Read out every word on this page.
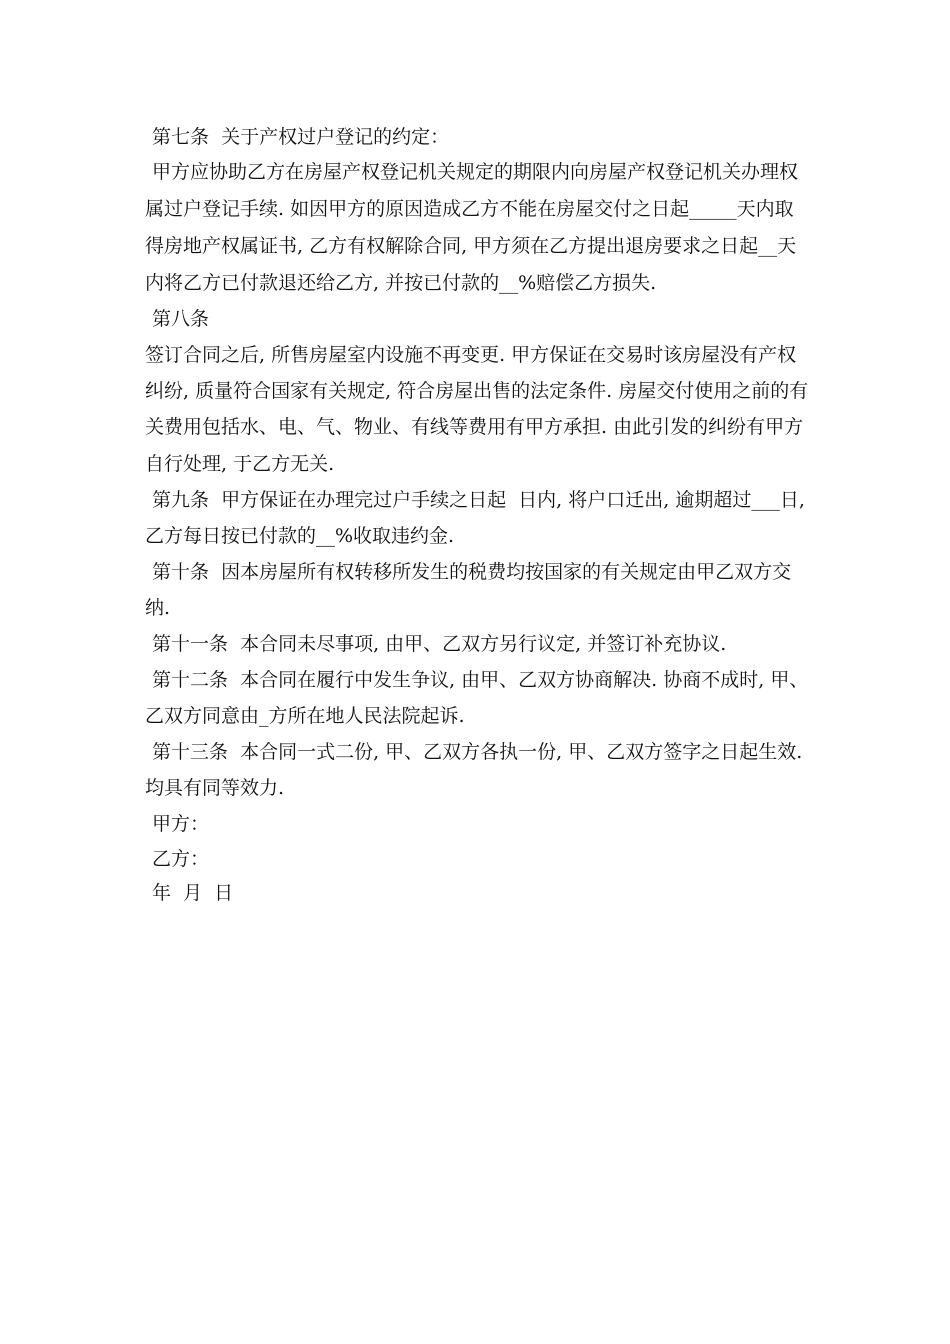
第七条  关于产权过户登记的约定：
甲方应协助乙方在房屋产权登记机关规定的期限内向房屋产权登记机关办理权
属过户登记手续. 如因甲方的原因造成乙方不能在房屋交付之日起_____天内取
得房地产权属证书, 乙方有权解除合同, 甲方须在乙方提出退房要求之日起__天
内将乙方已付款退还给乙方, 并按已付款的__%赔偿乙方损失.
第八条
签订合同之后, 所售房屋室内设施不再变更. 甲方保证在交易时该房屋没有产权
纠纷, 质量符合国家有关规定, 符合房屋出售的法定条件. 房屋交付使用之前的有
关费用包括水、电、气、物业、有线等费用有甲方承担. 由此引发的纠纷有甲方
自行处理, 于乙方无关.
第九条  甲方保证在办理完过户手续之日起  日内, 将户口迁出, 逾期超过___日,
乙方每日按已付款的__%收取违约金.
第十条  因本房屋所有权转移所发生的税费均按国家的有关规定由甲乙双方交
纳.
第十一条  本合同未尽事项, 由甲、乙双方另行议定, 并签订补充协议.
第十二条  本合同在履行中发生争议, 由甲、乙双方协商解决. 协商不成时, 甲、
乙双方同意由_方所在地人民法院起诉.
第十三条  本合同一式二份, 甲、乙双方各执一份, 甲、乙双方签字之日起生效.
均具有同等效力.
甲方：
乙方：
年  月  日
